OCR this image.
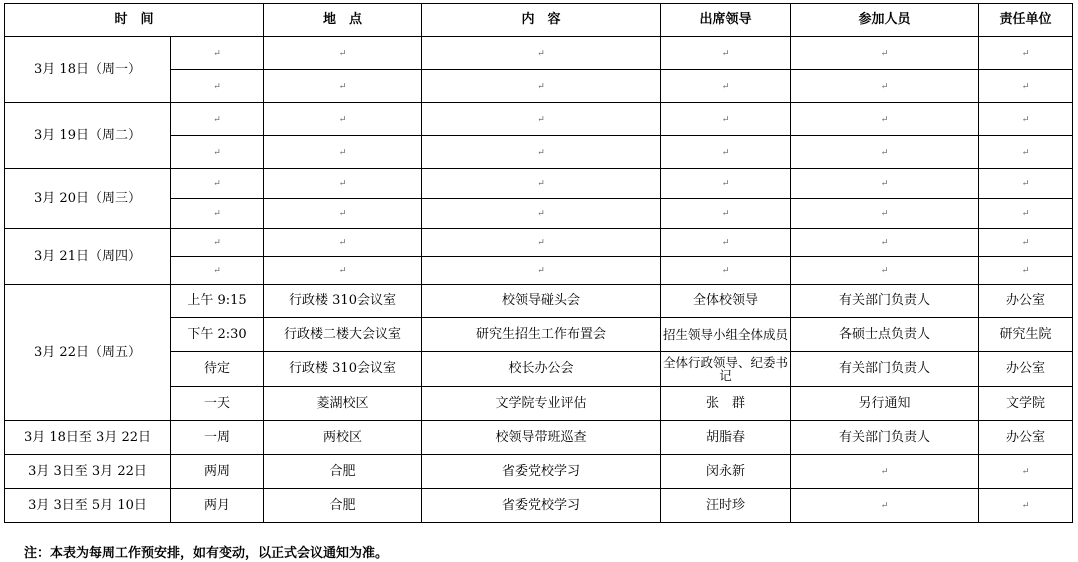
时　间		地　点	内　容	出席领导	参加人员	责任单位
3月 18日（周一）	↵	↵	↵	↵	↵	↵
	↵	↵	↵	↵	↵	↵
3月 19日（周二）	↵	↵	↵	↵	↵	↵
	↵	↵	↵	↵	↵	↵
3月 20日（周三）	↵	↵	↵	↵	↵	↵
	↵	↵	↵	↵	↵	↵
3月 21日（周四）	↵	↵	↵	↵	↵	↵
	↵	↵	↵	↵	↵	↵
3月 22日（周五）	上午 9:15	行政楼 310会议室	校领导碰头会	全体校领导	有关部门负责人	办公室
	下午 2:30	行政楼二楼大会议室	研究生招生工作布置会	招生领导小组全体成员	各硕士点负责人	研究生院
	待定	行政楼 310会议室	校长办公会	全体行政领导、纪委书记	有关部门负责人	办公室
	一天	菱湖校区	文学院专业评估	张　群	另行通知	文学院
3月 18日至 3月 22日	一周	两校区	校领导带班巡查	胡脂春	有关部门负责人	办公室
3月 3日至 3月 22日	两周	合肥	省委党校学习	闵永新	↵	↵
3月 3日至 5月 10日	两月	合肥	省委党校学习	汪时珍	↵	↵
注：本表为每周工作预安排，如有变动，以正式会议通知为准。
